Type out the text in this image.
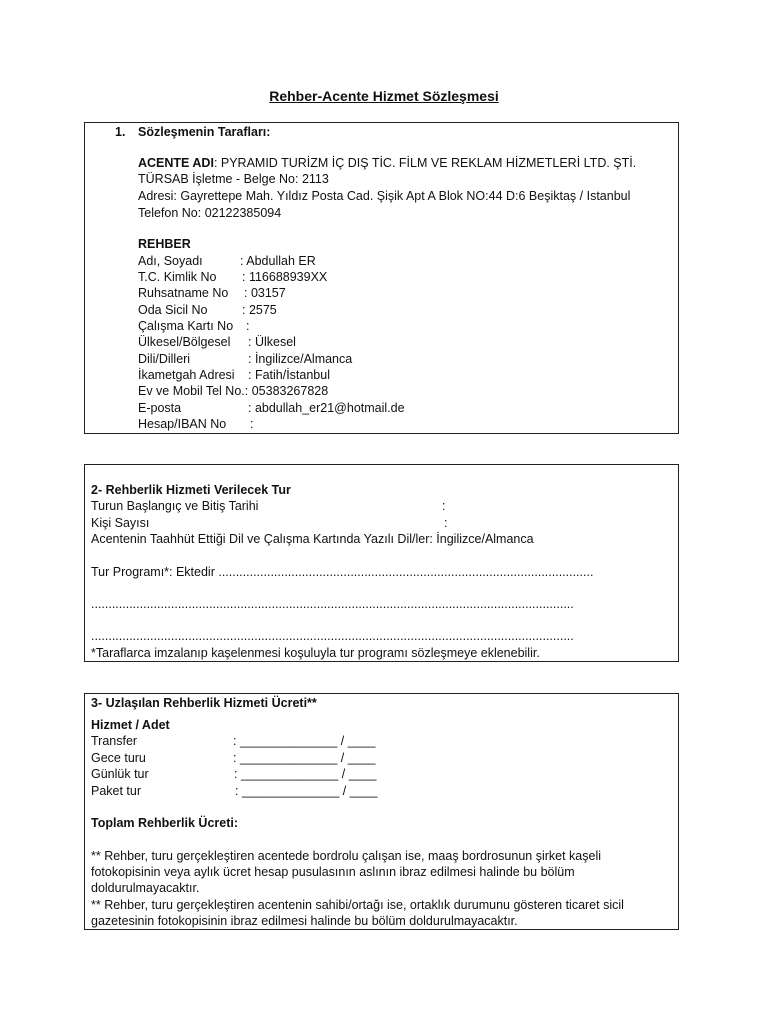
Rehber-Acente Hizmet Sözleşmesi
1. Sözleşmenin Tarafları:
ACENTE ADI: PYRAMID TURİZM İÇ DIŞ TİC. FİLM VE REKLAM HİZMETLERİ LTD. ŞTİ.
TÜRSAB İşletme - Belge No: 2113
Adresi: Gayrettepe Mah. Yıldız Posta Cad. Şişik Apt A Blok NO:44 D:6 Beşiktaş / Istanbul
Telefon No: 02122385094
REHBER
Adı, Soyadı	: Abdullah ER
T.C. Kimlik No : 116688939XX
Ruhsatname No : 03157
Oda Sicil No	: 2575
Çalışma Kartı No :
Ülkesel/Bölgesel : Ülkesel
Dili/Dilleri	: İngilizce/Almanca
İkametgah Adresi : Fatih/İstanbul
Ev ve Mobil Tel No.: 05383267828
E-posta	: abdullah_er21@hotmail.de
Hesap/IBAN No :
2- Rehberlik Hizmeti Verilecek Tur
Turun Başlangıç ve Bitiş Tarihi	:
Kişi Sayısı	:
Acentenin Taahhüt Ettiği Dil ve Çalışma Kartında Yazılı Dil/ler: İngilizce/Almanca
Tur Programı*: Ektedir ............................................................................................................
...........................................................................................................................................
...........................................................................................................................................
*Taraflarca imzalanıp kaşelenmesi koşuluyla tur programı sözleşmeye eklenebilir.
3- Uzlaşılan Rehberlik Hizmeti Ücreti**
Hizmet / Adet
Transfer	: ______________ / ____
Gece turu	: ______________ / ____
Günlük tur	: ______________ / ____
Paket tur	: ______________ / ____
Toplam Rehberlik Ücreti:
** Rehber, turu gerçekleştiren acentede bordrolu çalışan ise, maaş bordrosunun şirket kaşeli
fotokopisinin veya aylık ücret hesap pusulasının aslının ibraz edilmesi halinde bu bölüm
doldurulmayacaktır.
** Rehber, turu gerçekleştiren acentenin sahibi/ortağı ise, ortaklık durumunu gösteren ticaret sicil
gazetesinin fotokopisinin ibraz edilmesi halinde bu bölüm doldurulmayacaktır.
